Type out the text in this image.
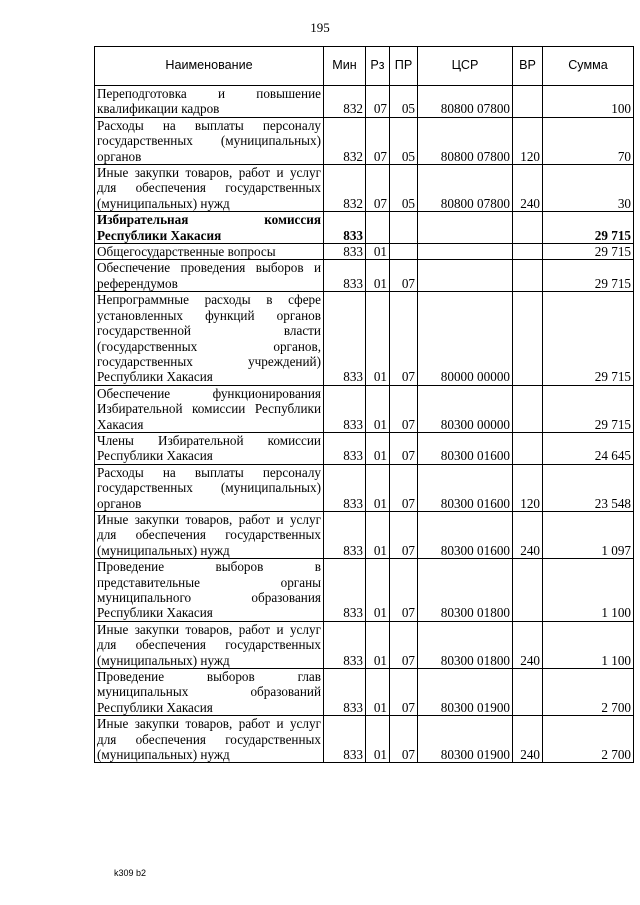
195
Наименование	Мин	Рз	ПР	ЦСР	ВР	Сумма
Переподготовка и повышение квалификации кадров	832	07	05	80800 07800		100
Расходы на выплаты персоналу государственных (муниципальных) органов	832	07	05	80800 07800	120	70
Иные закупки товаров, работ и услуг для обеспечения государственных (муниципальных) нужд	832	07	05	80800 07800	240	30
Избирательная комиссия Республики Хакасия	833					29 715
Общегосударственные вопросы	833	01				29 715
Обеспечение проведения выборов и референдумов	833	01	07			29 715
Непрограммные расходы в сфере установленных функций органов государственной власти (государственных органов, государственных учреждений) Республики Хакасия	833	01	07	80000 00000		29 715
Обеспечение функционирования Избирательной комиссии Республики Хакасия	833	01	07	80300 00000		29 715
Члены Избирательной комиссии Республики Хакасия	833	01	07	80300 01600		24 645
Расходы на выплаты персоналу государственных (муниципальных) органов	833	01	07	80300 01600	120	23 548
Иные закупки товаров, работ и услуг для обеспечения государственных (муниципальных) нужд	833	01	07	80300 01600	240	1 097
Проведение выборов в представительные органы муниципального образования Республики Хакасия	833	01	07	80300 01800		1 100
Иные закупки товаров, работ и услуг для обеспечения государственных (муниципальных) нужд	833	01	07	80300 01800	240	1 100
Проведение выборов глав муниципальных образований Республики Хакасия	833	01	07	80300 01900		2 700
Иные закупки товаров, работ и услуг для обеспечения государственных (муниципальных) нужд	833	01	07	80300 01900	240	2 700
k309 b2
